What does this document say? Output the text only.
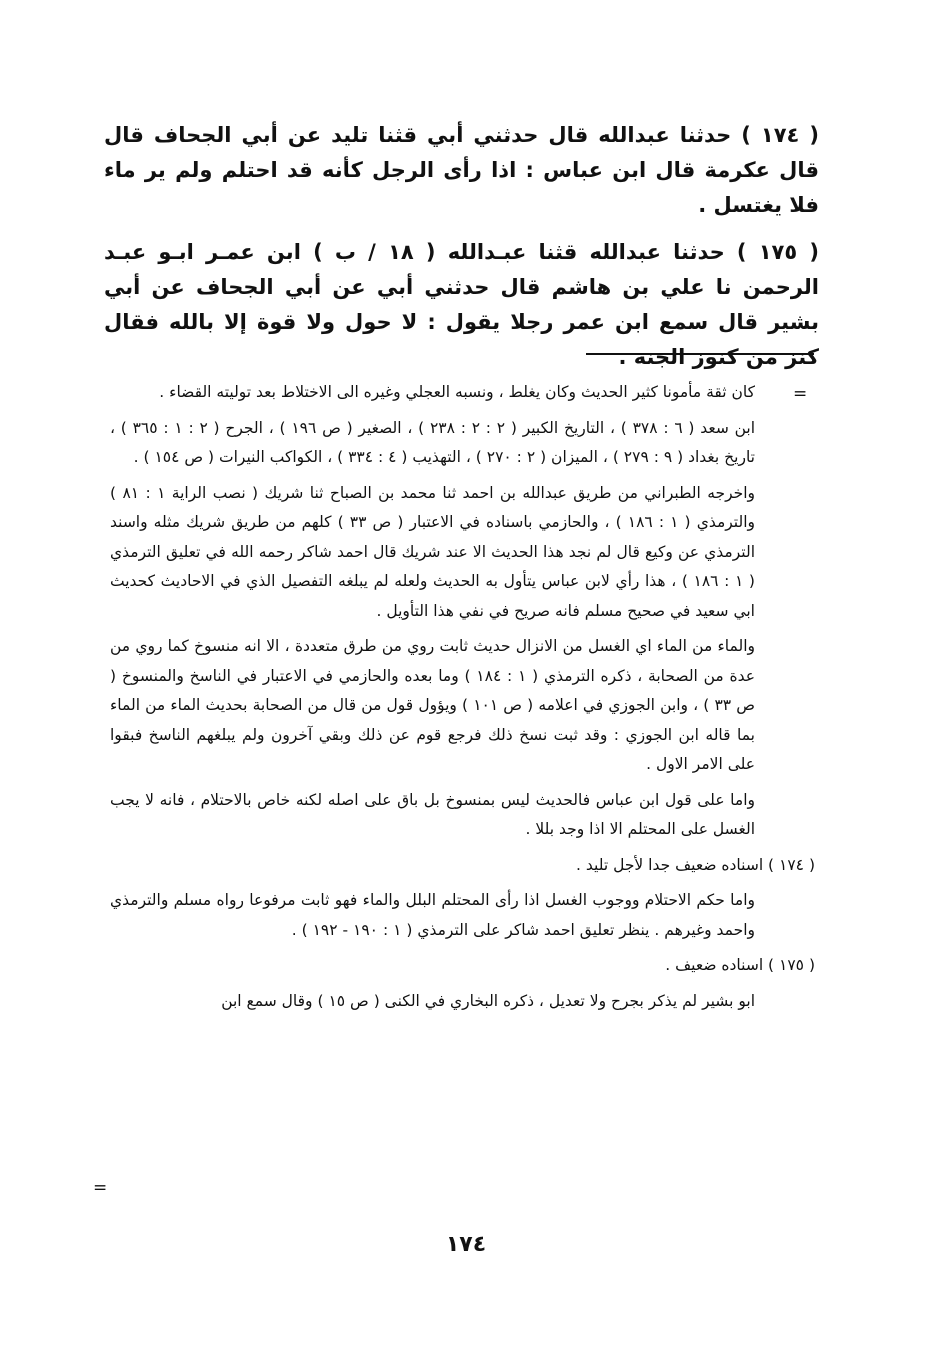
( ١٧٤ ) حدثنا عبدالله قال حدثني أبي قثنا تليد عن أبي الجحاف قال قال عكرمة قال ابن عباس : اذا رأى الرجل كأنه قد احتلم ولم ير ماء فلا يغتسل .

( ١٧٥ ) حدثنا عبدالله قثنا عبـدالله ( ١٨ / ب ) ابن عمـر ابـو عبـد الرحمن نا علي بن هاشم قال حدثني أبي عن أبي الجحاف عن أبي بشير قال سمع ابن عمر رجلا يقول : لا حول ولا قوة إلا بالله فقال كنز من كنوز الجنة .

=

كان ثقة مأمونا كثير الحديث وكان يغلط ، ونسبه العجلي وغيره الى الاختلاط بعد توليته القضاء .

ابن سعد ( ٦ : ٣٧٨ ) ، التاريخ الكبير ( ٢ : ٢ : ٢٣٨ ) ، الصغير ( ص ١٩٦ ) ، الجرح ( ٢ : ١ : ٣٦٥ ) ، تاريخ بغداد ( ٩ : ٢٧٩ ) ، الميزان ( ٢ : ٢٧٠ ) ، التهذيب ( ٤ : ٣٣٤ ) ، الكواكب النيرات ( ص ١٥٤ ) .

واخرجه الطبراني من طريق عبدالله بن احمد ثنا محمد بن الصباح ثنا شريك ( نصب الراية ١ : ٨١ ) والترمذي ( ١ : ١٨٦ ) ، والحازمي باسناده في الاعتبار ( ص ٣٣ ) كلهم من طريق شريك مثله واسند الترمذي عن وكيع قال لم نجد هذا الحديث الا عند شريك قال احمد شاكر رحمه الله في تعليق الترمذي ( ١ : ١٨٦ ) ، هذا رأي لابن عباس يتأول به الحديث ولعله لم يبلغه التفصيل الذي في الاحاديث كحديث ابي سعيد في صحيح مسلم فانه صريح في نفي هذا التأويل .

والماء من الماء اي الغسل من الانزال حديث ثابت روي من طرق متعددة ، الا انه منسوخ كما روي من عدة من الصحابة ، ذكره الترمذي ( ١ : ١٨٤ ) وما بعده والحازمي في الاعتبار في الناسخ والمنسوخ ( ص ٣٣ ) ، وابن الجوزي في اعلامه ( ص ١٠١ ) ويؤول قول من قال من الصحابة بحديث الماء من الماء بما قاله ابن الجوزي : وقد ثبت نسخ ذلك فرجع قوم عن ذلك وبقي آخرون ولم يبلغهم الناسخ فبقوا على الامر الاول .

واما على قول ابن عباس فالحديث ليس بمنسوخ بل باق على اصله لكنه خاص بالاحتلام ، فانه لا يجب الغسل على المحتلم الا اذا وجد بللا .

( ١٧٤ ) اسناده ضعيف جدا لأجل تليد .

واما حكم الاحتلام ووجوب الغسل اذا رأى المحتلم البلل والماء فهو ثابت مرفوعا رواه مسلم والترمذي واحمد وغيرهم . ينظر تعليق احمد شاكر على الترمذي ( ١ : ١٩٠ - ١٩٢ ) .

( ١٧٥ ) اسناده ضعيف .

ابو بشير لم يذكر بجرح ولا تعديل ، ذكره البخاري في الكنى ( ص ١٥ ) وقال سمع ابن

=
١٧٤
